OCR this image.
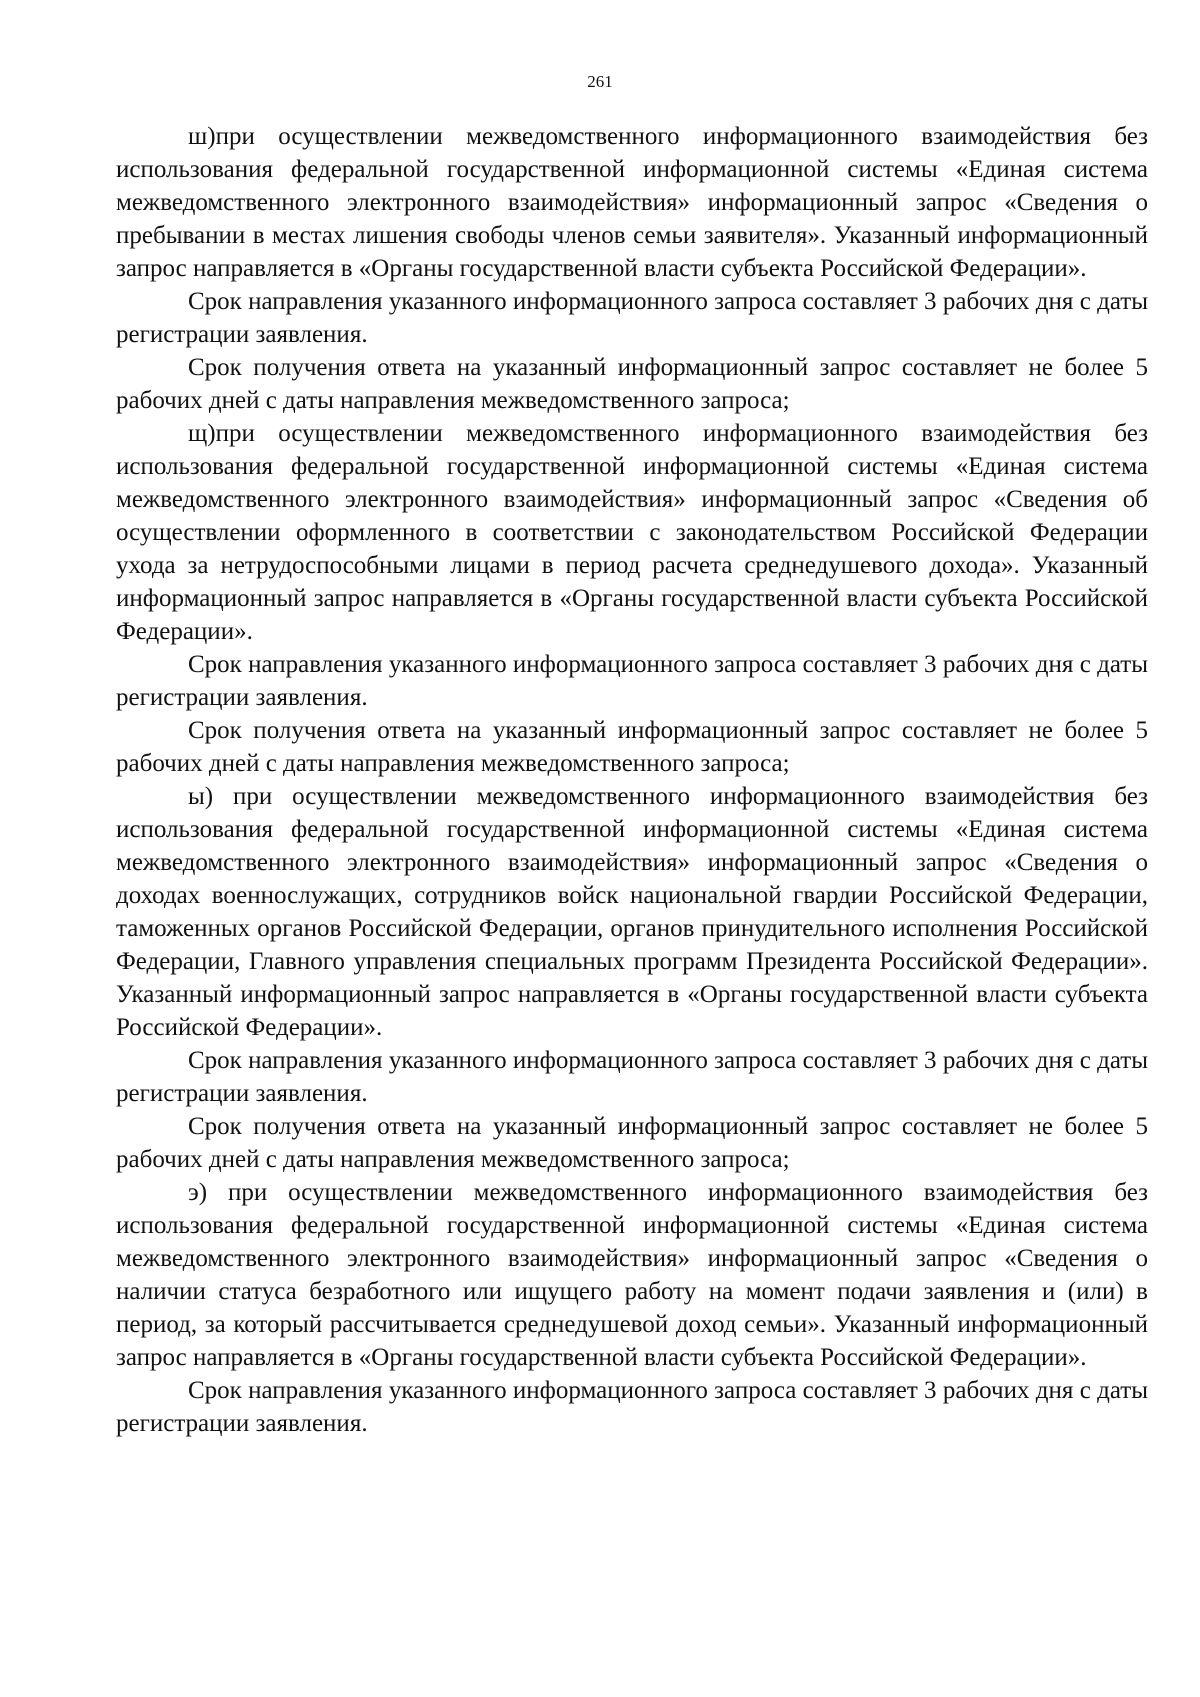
261

ш)при осуществлении межведомственного информационного взаимодействия без использования федеральной государственной информационной системы «Единая система межведомственного электронного взаимодействия» информационный запрос «Сведения о пребывании в местах лишения свободы членов семьи заявителя». Указанный информационный запрос направляется в «Органы государственной власти субъекта Российской Федерации».

Срок направления указанного информационного запроса составляет 3 рабочих дня с даты регистрации заявления.

Срок получения ответа на указанный информационный запрос составляет не более 5 рабочих дней с даты направления межведомственного запроса;

щ)при осуществлении межведомственного информационного взаимодействия без использования федеральной государственной информационной системы «Единая система межведомственного электронного взаимодействия» информационный запрос «Сведения об осуществлении оформленного в соответствии с законодательством Российской Федерации ухода за нетрудоспособными лицами в период расчета среднедушевого дохода». Указанный информационный запрос направляется в «Органы государственной власти субъекта Российской Федерации».

Срок направления указанного информационного запроса составляет 3 рабочих дня с даты регистрации заявления.

Срок получения ответа на указанный информационный запрос составляет не более 5 рабочих дней с даты направления межведомственного запроса;

ы) при осуществлении межведомственного информационного взаимодействия без использования федеральной государственной информационной системы «Единая система межведомственного электронного взаимодействия» информационный запрос «Сведения о доходах военнослужащих, сотрудников войск национальной гвардии Российской Федерации, таможенных органов Российской Федерации, органов принудительного исполнения Российской Федерации, Главного управления специальных программ Президента Российской Федерации». Указанный информационный запрос направляется в «Органы государственной власти субъекта Российской Федерации».

Срок направления указанного информационного запроса составляет 3 рабочих дня с даты регистрации заявления.

Срок получения ответа на указанный информационный запрос составляет не более 5 рабочих дней с даты направления межведомственного запроса;

э) при осуществлении межведомственного информационного взаимодействия без использования федеральной государственной информационной системы «Единая система межведомственного электронного взаимодействия» информационный запрос «Сведения о наличии статуса безработного или ищущего работу на момент подачи заявления и (или) в период, за который рассчитывается среднедушевой доход семьи». Указанный информационный запрос направляется в «Органы государственной власти субъекта Российской Федерации».

Срок направления указанного информационного запроса составляет 3 рабочих дня с даты регистрации заявления.
